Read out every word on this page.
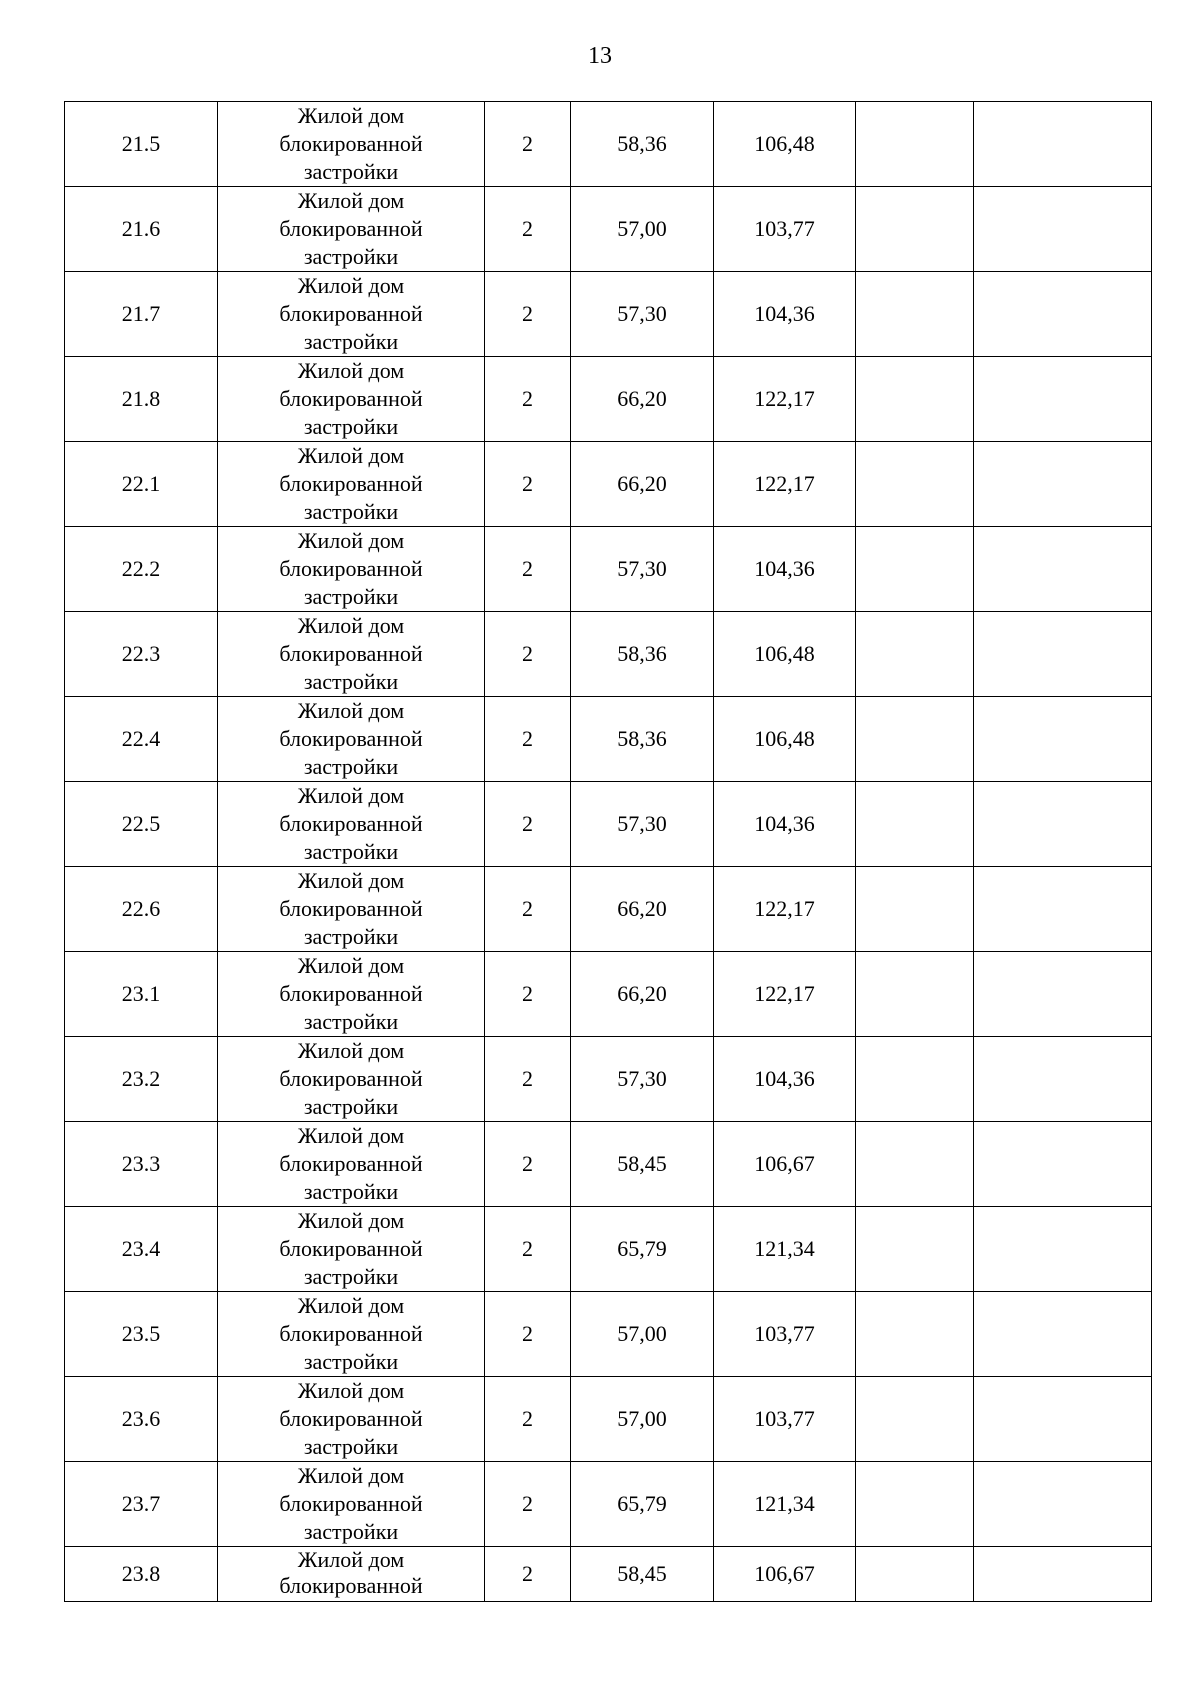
13
21.5	Жилой дом
блокированной
застройки	2	58,36	106,48		
21.6	Жилой дом
блокированной
застройки	2	57,00	103,77		
21.7	Жилой дом
блокированной
застройки	2	57,30	104,36		
21.8	Жилой дом
блокированной
застройки	2	66,20	122,17		
22.1	Жилой дом
блокированной
застройки	2	66,20	122,17		
22.2	Жилой дом
блокированной
застройки	2	57,30	104,36		
22.3	Жилой дом
блокированной
застройки	2	58,36	106,48		
22.4	Жилой дом
блокированной
застройки	2	58,36	106,48		
22.5	Жилой дом
блокированной
застройки	2	57,30	104,36		
22.6	Жилой дом
блокированной
застройки	2	66,20	122,17		
23.1	Жилой дом
блокированной
застройки	2	66,20	122,17		
23.2	Жилой дом
блокированной
застройки	2	57,30	104,36		
23.3	Жилой дом
блокированной
застройки	2	58,45	106,67		
23.4	Жилой дом
блокированной
застройки	2	65,79	121,34		
23.5	Жилой дом
блокированной
застройки	2	57,00	103,77		
23.6	Жилой дом
блокированной
застройки	2	57,00	103,77		
23.7	Жилой дом
блокированной
застройки	2	65,79	121,34		
23.8	Жилой дом
блокированной	2	58,45	106,67		
